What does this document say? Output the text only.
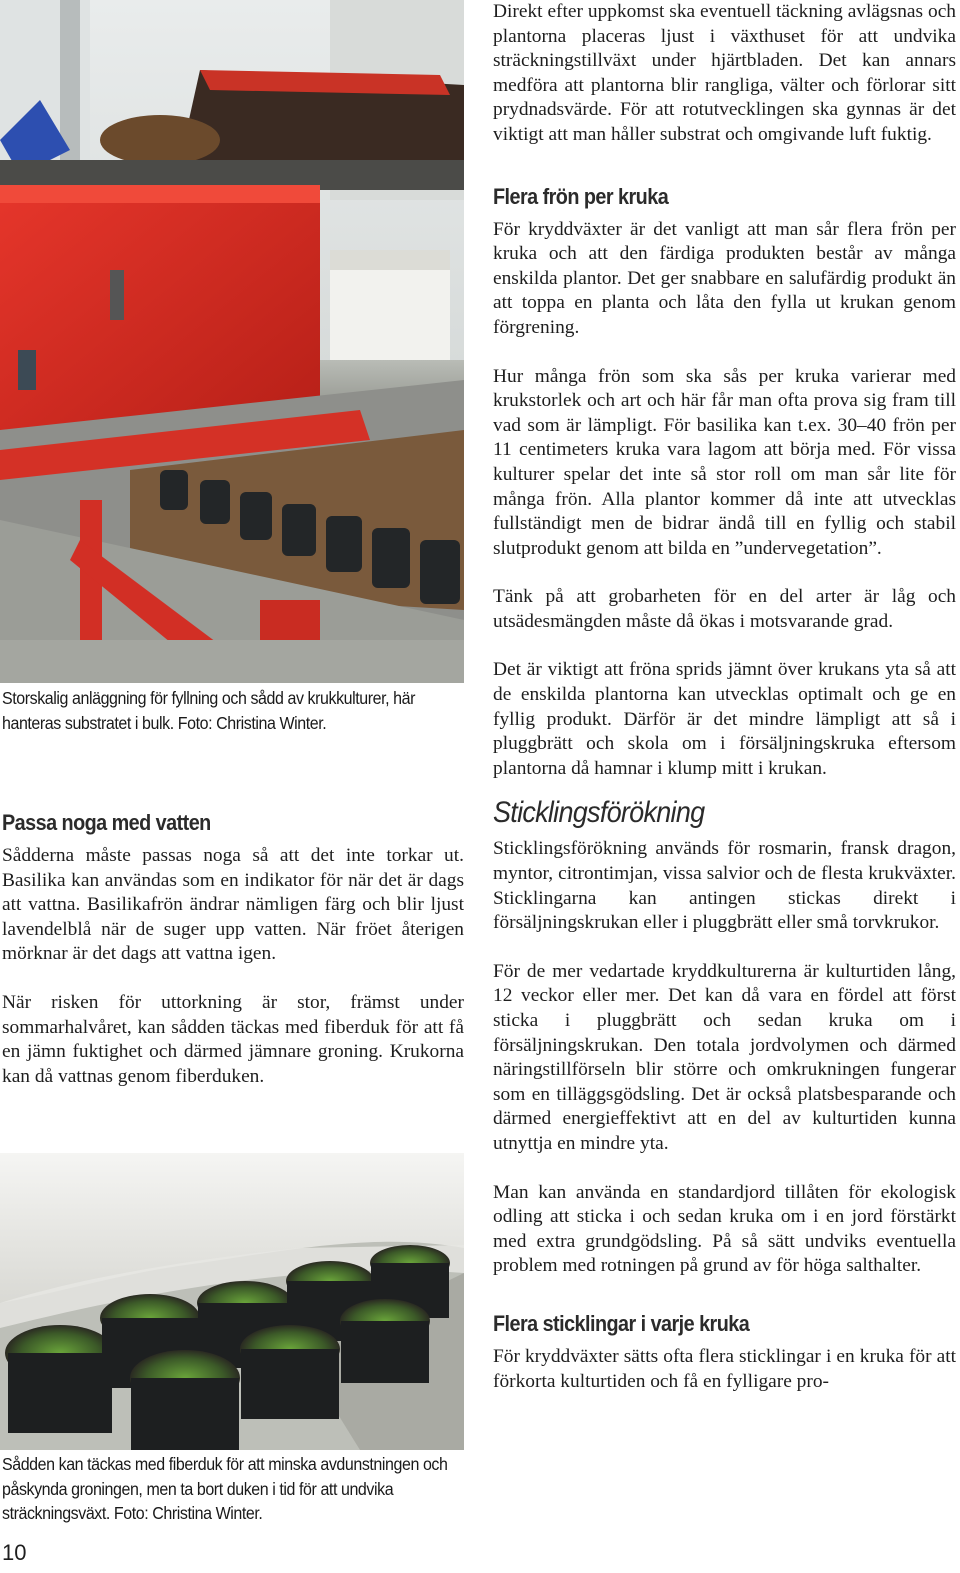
Storskalig anläggning för fyllning och sådd av krukkulturer, här hanteras substratet i bulk. Foto: Christina Winter.

Passa noga med vatten

Sådderna måste passas noga så att det inte torkar ut. Basilika kan användas som en indikator för när det är dags att vattna. Basilikafrön ändrar nämligen färg och blir ljust lavendelblå när de suger upp vatten. När fröet återigen mörknar är det dags att vattna igen.

När risken för uttorkning är stor, främst under sommarhalvåret, kan sådden täckas med fiberduk för att få en jämn fuktighet och därmed jämnare groning. Krukorna kan då vattnas genom fiberduken.

Sådden kan täckas med fiberduk för att minska avdunstningen och påskynda groningen, men ta bort duken i tid för att undvika sträckningsväxt. Foto: Christina Winter.

10

Direkt efter uppkomst ska eventuell täckning avlägsnas och plantorna placeras ljust i växthuset för att undvika sträckningstillväxt under hjärtbladen. Det kan annars medföra att plantorna blir rangliga, välter och förlorar sitt prydnadsvärde. För att rotutvecklingen ska gynnas är det viktigt att man håller substrat och omgivande luft fuktig.

Flera frön per kruka

För kryddväxter är det vanligt att man sår flera frön per kruka och att den färdiga produkten består av många enskilda plantor. Det ger snabbare en salufärdig produkt än att toppa en planta och låta den fylla ut krukan genom förgrening.

Hur många frön som ska sås per kruka varierar med krukstorlek och art och här får man ofta prova sig fram till vad som är lämpligt. För basilika kan t.ex. 30–40 frön per 11 centimeters kruka vara lagom att börja med. För vissa kulturer spelar det inte så stor roll om man sår lite för många frön. Alla plantor kommer då inte att utvecklas fullständigt men de bidrar ändå till en fyllig och stabil slutprodukt genom att bilda en ”undervegetation”.

Tänk på att grobarheten för en del arter är låg och utsädesmängden måste då ökas i motsvarande grad.

Det är viktigt att fröna sprids jämnt över krukans yta så att de enskilda plantorna kan utvecklas optimalt och ge en fyllig produkt. Därför är det mindre lämpligt att så i pluggbrätt och skola om i försäljningskruka eftersom plantorna då hamnar i klump mitt i krukan.

Sticklingsförökning

Sticklingsförökning används för rosmarin, fransk dragon, myntor, citrontimjan, vissa salvior och de flesta krukväxter. Sticklingarna kan antingen stickas direkt i försäljningskrukan eller i pluggbrätt eller små torvkrukor.

För de mer vedartade kryddkulturerna är kulturtiden lång, 12 veckor eller mer. Det kan då vara en fördel att först sticka i pluggbrätt och sedan kruka om i försäljningskrukan. Den totala jordvolymen och därmed näringstillförseln blir större och omkrukningen fungerar som en tilläggsgödsling. Det är också platsbesparande och därmed energieffektivt att en del av kulturtiden kunna utnyttja en mindre yta.

Man kan använda en standardjord tillåten för ekologisk odling att sticka i och sedan kruka om i en jord förstärkt med extra grundgödsling. På så sätt undviks eventuella problem med rotningen på grund av för höga salthalter.

Flera sticklingar i varje kruka

För kryddväxter sätts ofta flera sticklingar i en kruka för att förkorta kulturtiden och få en fylligare pro-
